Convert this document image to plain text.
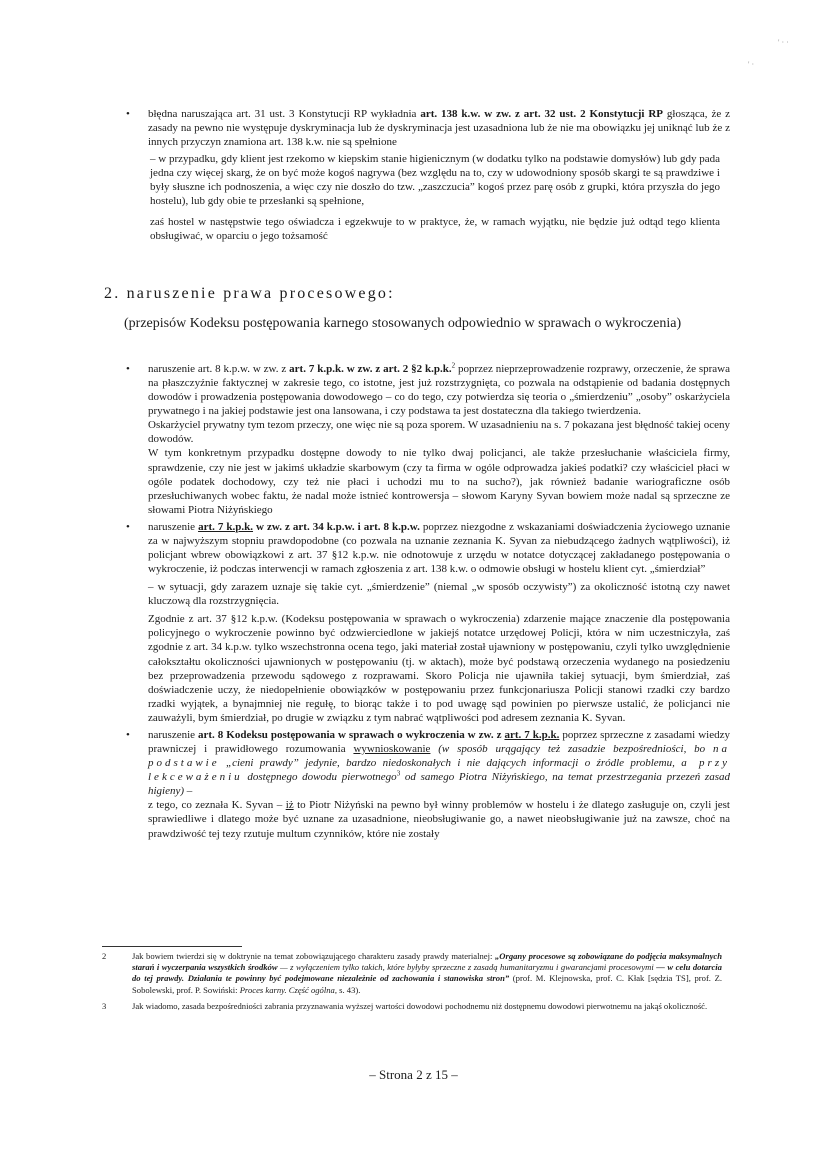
' · ·
' ·
• błędna naruszająca art. 31 ust. 3 Konstytucji RP wykładnia art. 138 k.w. w zw. z art. 32 ust. 2 Konstytucji RP głosząca, że z zasady na pewno nie występuje dyskryminacja lub że dyskryminacja jest uzasadniona lub że nie ma obowiązku jej uniknąć lub że z innych przyczyn znamiona art. 138 k.w. nie są spełnione

– w przypadku, gdy klient jest rzekomo w kiepskim stanie higienicznym (w dodatku tylko na podstawie domysłów) lub gdy pada jedna czy więcej skarg, że on być może kogoś nagrywa (bez względu na to, czy w udowodniony sposób skargi te są prawdziwe i były słuszne ich podnoszenia, a więc czy nie doszło do tzw. „zaszczucia” kogoś przez parę osób z grupki, która przyszła do jego hostelu), lub gdy obie te przesłanki są spełnione,

zaś hostel w następstwie tego oświadcza i egzekwuje to w praktyce, że, w ramach wyjątku, nie będzie już odtąd tego klienta obsługiwać, w oparciu o jego tożsamość

2. naruszenie prawa procesowego:

(przepisów Kodeksu postępowania karnego stosowanych odpowiednio w sprawach o wykroczenia)

• naruszenie art. 8 k.p.w. w zw. z art. 7 k.p.k. w zw. z art. 2 §2 k.p.k.$^2$ poprzez nieprzeprowadzenie rozprawy, orzeczenie, że sprawa na płaszczyźnie faktycznej w zakresie tego, co istotne, jest już rozstrzygnięta, co pozwala na odstąpienie od badania dostępnych dowodów i prowadzenia postępowania dowodowego – co do tego, czy potwierdza się teoria o „śmierdzeniu” „osoby” oskarżyciela prywatnego i na jakiej podstawie jest ona lansowana, i czy podstawa ta jest dostateczna dla takiego twierdzenia.

Oskarżyciel prywatny tym tezom przeczy, one więc nie są poza sporem. W uzasadnieniu na s. 7 pokazana jest błędność takiej oceny dowodów.

W tym konkretnym przypadku dostępne dowody to nie tylko dwaj policjanci, ale także przesłuchanie właściciela firmy, sprawdzenie, czy nie jest w jakimś układzie skarbowym (czy ta firma w ogóle odprowadza jakieś podatki? czy właściciel płaci w ogóle podatek dochodowy, czy też nie płaci i uchodzi mu to na sucho?), jak również badanie wariograficzne osób przesłuchiwanych wobec faktu, że nadal może istnieć kontrowersja – słowom Karyny Syvan bowiem może nadal są sprzeczne ze słowami Piotra Niżyńskiego

• naruszenie art. 7 k.p.k. w zw. z art. 34 k.p.w. i art. 8 k.p.w. poprzez niezgodne z wskazaniami doświadczenia życiowego uznanie za w najwyższym stopniu prawdopodobne (co pozwala na uznanie zeznania K. Syvan za niebudzącego żadnych wątpliwości), iż policjant wbrew obowiązkowi z art. 37 §12 k.p.w. nie odnotowuje z urzędu w notatce dotyczącej zakładanego postępowania o wykroczenie, iż podczas interwencji w ramach zgłoszenia z art. 138 k.w. o odmowie obsługi w hostelu klient cyt. „śmierdział”

– w sytuacji, gdy zarazem uznaje się takie cyt. „śmierdzenie” (niemal „w sposób oczywisty”) za okoliczność istotną czy nawet kluczową dla rozstrzygnięcia.

Zgodnie z art. 37 §12 k.p.w. (Kodeksu postępowania w sprawach o wykroczenia) zdarzenie mające znaczenie dla postępowania policyjnego o wykroczenie powinno być odzwierciedlone w jakiejś notatce urzędowej Policji, która w nim uczestniczyła, zaś zgodnie z art. 34 k.p.w. tylko wszechstronna ocena tego, jaki materiał został ujawniony w postępowaniu, czyli tylko uwzględnienie całokształtu okoliczności ujawnionych w postępowaniu (tj. w aktach), może być podstawą orzeczenia wydanego na posiedzeniu bez przeprowadzenia przewodu sądowego z rozprawami. Skoro Policja nie ujawniła takiej sytuacji, bym śmierdział, zaś doświadczenie uczy, że niedopełnienie obowiązków w postępowaniu przez funkcjonariusza Policji stanowi rzadki czy bardzo rzadki wyjątek, a bynajmniej nie regułę, to biorąc także i to pod uwagę sąd powinien po pierwsze ustalić, że policjanci nie zauważyli, bym śmierdział, po drugie w związku z tym nabrać wątpliwości pod adresem zeznania K. Syvan.

• naruszenie art. 8 Kodeksu postępowania w sprawach o wykroczenia w zw. z art. 7 k.p.k. poprzez sprzeczne z zasadami wiedzy prawniczej i prawidłowego rozumowania wywnioskowanie (w sposób urągający też zasadzie bezpośredniości, bo na podstawie „cieni prawdy” jedynie, bardzo niedoskonałych i nie dających informacji o źródle problemu, a przy lekceważeniu dostępnego dowodu pierwotnego$^3$ od samego Piotra Niżyńskiego, na temat przestrzegania przezeń zasad higieny) –

z tego, co zeznała K. Syvan – iż to Piotr Niżyński na pewno był winny problemów w hostelu i że dlatego zasługuje on, czyli jest sprawiedliwe i dlatego może być uznane za uzasadnione, nieobsługiwanie go, a nawet nieobsługiwanie już na zawsze, choć na prawdziwość tej tezy rzutuje multum czynników, które nie zostały

2	Jak bowiem twierdzi się w doktrynie na temat zobowiązującego charakteru zasady prawdy materialnej: „Organy procesowe są zobowiązane do podjęcia maksymalnych starań i wyczerpania wszystkich środków — z wyłączeniem tylko takich, które byłyby sprzeczne z zasadą humanitaryzmu i gwarancjami procesowymi — w celu dotarcia do tej prawdy. Działania te powinny być podejmowane niezależnie od zachowania i stanowiska stron” (prof. M. Klejnowska, prof. C. Kłak [sędzia TS], prof. Z. Sobolewski, prof. P. Sowiński: Proces karny. Część ogólna, s. 43).

3	Jak wiadomo, zasada bezpośredniości zabrania przyznawania wyższej wartości dowodowi pochodnemu niż dostępnemu dowodowi pierwotnemu na jakąś okoliczność.

– Strona 2 z 15 –
